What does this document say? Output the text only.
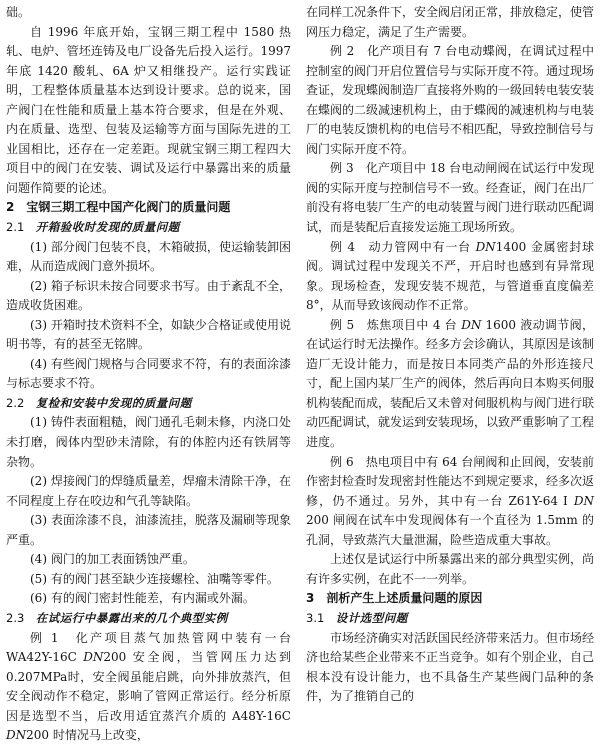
础。

自 1996 年底开始，宝钢三期工程中 1580 热轧、电炉、管坯连铸及电厂设备先后投入运行。1997 年底 1420 酸轧、6A 炉又相继投产。运行实践证明，工程整体质量基本达到设计要求。总的说来，国产阀门在性能和质量上基本符合要求，但是在外观、内在质量、选型、包装及运输等方面与国际先进的工业国相比，还存在一定差距。现就宝钢三期工程四大项目中的阀门在安装、调试及运行中暴露出来的质量问题作简要的论述。

2　宝钢三期工程中国产化阀门的质量问题

2.1　 开箱验收时发现的质量问题

(1) 部分阀门包装不良，木箱破损，使运输装卸困难，从而造成阀门意外损坏。

(2) 箱子标识未按合同要求书写。由于紊乱不全，造成收货困难。

(3) 开箱时技术资料不全，如缺少合格证或使用说明书等，有的甚至无铭牌。

(4) 有些阀门规格与合同要求不符，有的表面涂漆与标志要求不符。

2.2　 复检和安装中发现的质量问题

(1) 铸件表面粗糙，阀门通孔毛刺未修，内浇口处未打磨，阀体内型砂未清除，有的体腔内还有铁屑等杂物。

(2) 焊接阀门的焊缝质量差，焊瘤未清除干净，在不同程度上存在咬边和气孔等缺陷。

(3) 表面涂漆不良，油漆流挂，脱落及漏刷等现象严重。

(4) 阀门的加工表面锈蚀严重。

(5) 有的阀门甚至缺少连接螺栓、油嘴等零件。

(6) 有的阀门密封性能差，有内漏或外漏。

2.3　 在试运行中暴露出来的几个典型实例

例 1　化产项目蒸气加热管网中装有一台 WA42Y-16C DN200 安全阀，当管网压力达到 0.207MPa时，安全阀虽能启跳，向外排放蒸汽，但安全阀动作不稳定，影响了管网正常运行。经分析原因是选型不当，后改用适宜蒸汽介质的 A48Y-16C DN200 时情况马上改变，

在同样工况条件下，安全阀启闭正常，排放稳定，使管网压力稳定，满足了生产需要。

例 2　化产项目有 7 台电动蝶阀，在调试过程中控制室的阀门开启位置信号与实际开度不符。通过现场查证，发现蝶阀制造厂直接将外购的一级回转电装安装在蝶阀的二级减速机构上，由于蝶阀的减速机构与电装厂的电装反馈机构的电信号不相匹配，导致控制信号与阀门实际开度不符。

例 3　化产项目中 18 台电动闸阀在试运行中发现阀的实际开度与控制信号不一致。经查证，阀门在出厂前没有将电装厂生产的电动装置与阀门进行联动匹配调试，而是装配后直接发运施工现场所致。

例 4　动力管网中有一台 DN1400 金属密封球阀。调试过程中发现关不严，开启时也感到有异常现象。现场检查，发现安装不规范，与管道垂直度偏差 8°，从而导致该阀动作不正常。

例 5　炼焦项目中 4 台 DN 1600 液动调节阀，在试运行时无法操作。经多方会诊确认，其原因是该制造厂无设计能力，而是按日本同类产品的外形连接尺寸，配上国内某厂生产的阀体，然后再向日本购买伺服机构装配而成，装配后又未曾对伺服机构与阀门进行联动匹配调试，就发运到安装现场，以致严重影响了工程进度。

例 6　热电项目中有 64 台闸阀和止回阀，安装前作密封检查时发现密封性能达不到规定要求，经多次返修，仍不通过。另外，其中有一台 Z61Y-64 Ⅰ DN 200 闸阀在试车中发现阀体有一个直径为 1.5mm 的孔洞，导致蒸汽大量泄漏，险些造成重大事故。

上述仅是试运行中所暴露出来的部分典型实例，尚有许多实例，在此不一一列举。

3　剖析产生上述质量问题的原因

3.1　 设计选型问题

市场经济确实对活跃国民经济带来活力。但市场经济也给某些企业带来不正当竞争。如有个别企业，自己根本没有设计能力，也不具备生产某些阀门品种的条件，为了推销自己的
